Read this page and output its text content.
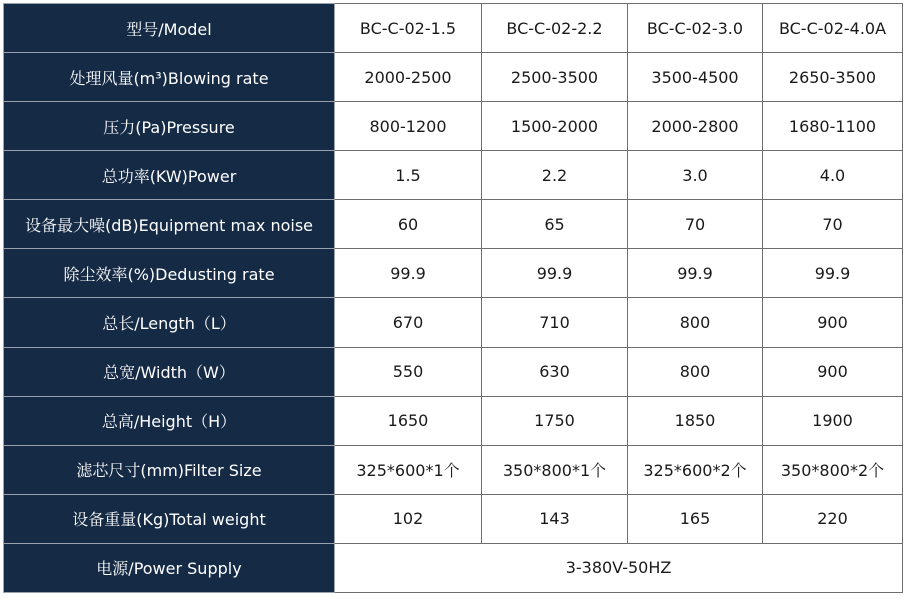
型号/Model	BC-C-02-1.5	BC-C-02-2.2	BC-C-02-3.0	BC-C-02-4.0A
处理风量(m³)Blowing rate	2000-2500	2500-3500	3500-4500	2650-3500
压力(Pa)Pressure	800-1200	1500-2000	2000-2800	1680-1100
总功率(KW)Power	1.5	2.2	3.0	4.0
设备最大噪(dB)Equipment max noise	60	65	70	70
除尘效率(%)Dedusting rate	99.9	99.9	99.9	99.9
总长/Length（L）	670	710	800	900
总宽/Width（W）	550	630	800	900
总高/Height（H）	1650	1750	1850	1900
滤芯尺寸(mm)Filter Size	325*600*1个	350*800*1个	325*600*2个	350*800*2个
设备重量(Kg)Total weight	102	143	165	220
电源/Power Supply	3-380V-50HZ			
